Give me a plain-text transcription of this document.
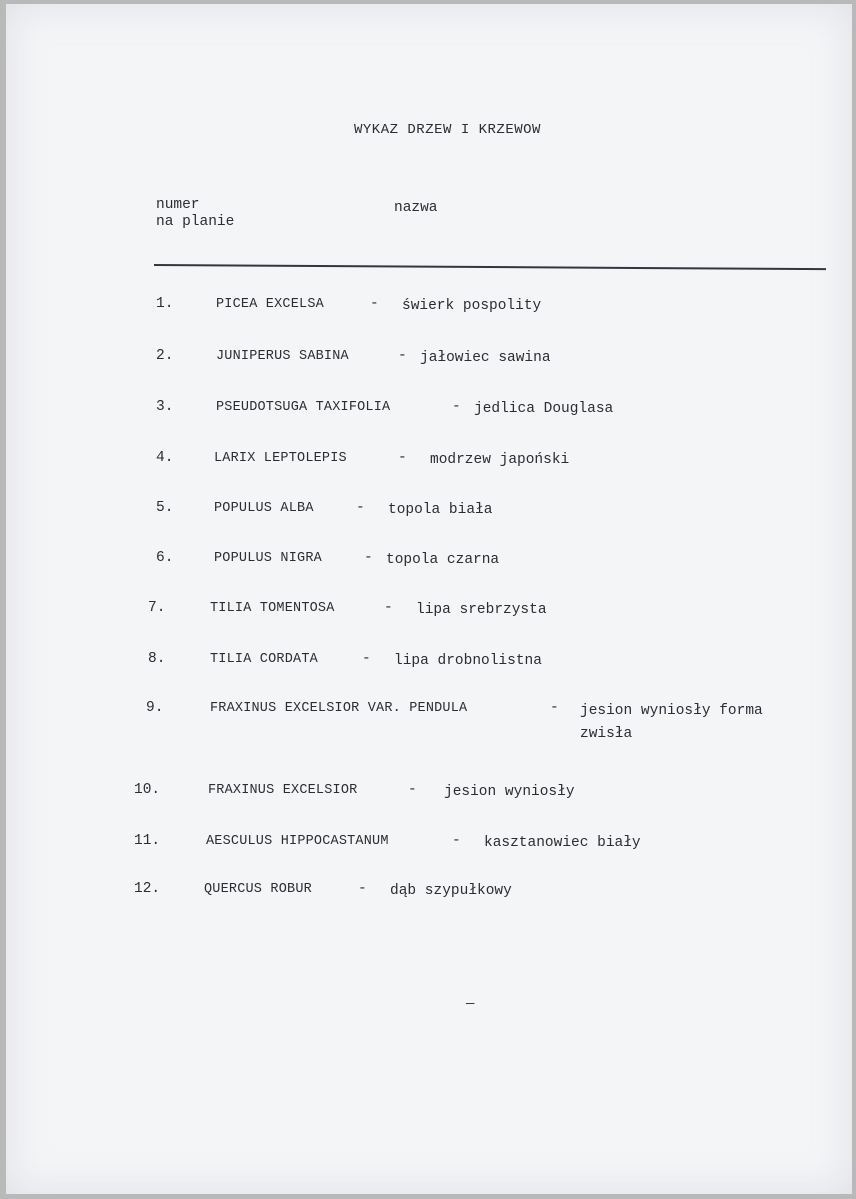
WYKAZ DRZEW I KRZEWOW
numer
na planie
nazwa
1.	PICEA EXCELSA	- świerk pospolity
2.	JUNIPERUS SABINA	- jałowiec sawina
3.	PSEUDOTSUGA TAXIFOLIA	- jedlica Douglasa
4.	LARIX LEPTOLEPIS	- modrzew japoński
5.	POPULUS ALBA	- topola biała
6.	POPULUS NIGRA	- topola czarna
7.	TILIA TOMENTOSA	- lipa srebrzysta
8.	TILIA CORDATA	- lipa drobnolistna
9.	FRAXINUS EXCELSIOR VAR. PENDULA	- jesion wyniosły forma zwisła
10.	FRAXINUS EXCELSIOR	- jesion wyniosły
11.	AESCULUS HIPPOCASTANUM	- kasztanowiec biały
12.	QUERCUS ROBUR	- dąb szypułkowy
—
